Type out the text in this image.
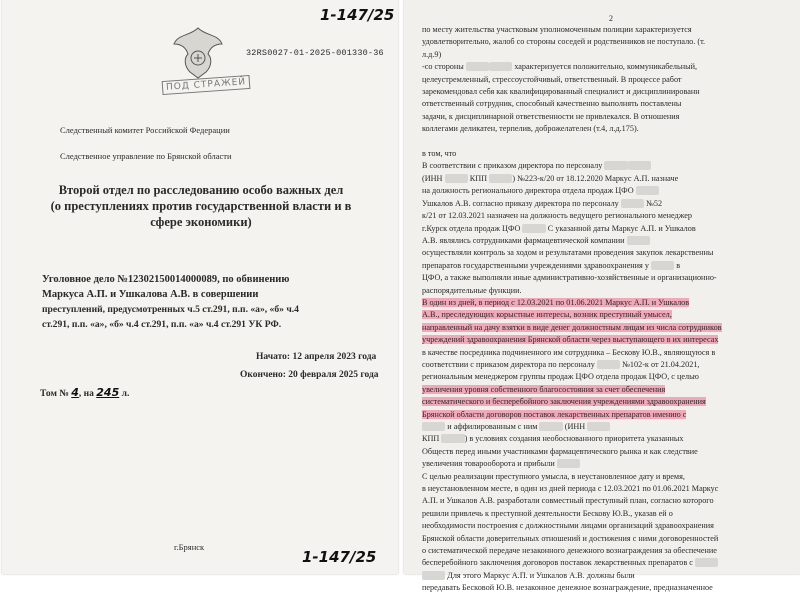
1-147/25
32RS0027-01-2025-001330-36
ПОД СТРАЖЕЙ
Следственный комитет Российской Федерации
Следственное управление по Брянской области
Второй отдел по расследованию особо важных дел
(о преступлениях против государственной власти и в
сфере экономики)
Уголовное дело №12302150014000089, по обвинению
Маркуса А.П. и Ушкалова А.В. в совершении
преступлений, предусмотренных ч.5 ст.291, п.п. «а», «б» ч.4
ст.291, п.п. «а», «б» ч.4 ст.291, п.п. «а» ч.4 ст.291 УК РФ.
Начато: 12 апреля 2023 года
Окончено: 20 февраля 2025 года
Том № 4, на 245 л.
г.Брянск
1-147/25
2
по месту жительства участковым уполномоченным полиции характеризуется
удовлетворительно, жалоб со стороны соседей и родственников не поступало. (т.
л.д.9)
-со стороны	характеризуется положительно, коммуникабельный,
целеустремленный, стрессоустойчивый, ответственный. В процессе работ
зарекомендовал себя как квалифицированный специалист и дисциплинированн
ответственный сотрудник, способный качественно выполнять поставлены
задачи, к дисциплинарной ответственности не привлекался. В отношения
коллегами деликатен, терпелив, доброжелателен (т.4, л.д.175).

в том, что
В соответствии с приказом директора по персоналу
(ИНН	КПП	) №223-к/20 от 18.12.2020 Маркус А.П. назначе
на должность регионального директора отдела продаж ЦФО
Ушкалов А.В. согласно приказу директора по персоналу	№52
к/21 от 12.03.2021 назначен на должность ведущего регионального менеджер
г.Курск отдела продаж ЦФО	С указанной даты Маркус А.П. и Ушкалов
А.В. являлись сотрудниками фармацевтической компании
осуществляли контроль за ходом и результатами проведения закупок лекарственны
препаратов государственными учреждениями здравоохранения у	в
ЦФО, а также выполняли иные административно-хозяйственные и организационно-
распорядительные функции.
В один из дней, в период с 12.03.2021 по 01.06.2021 Маркус А.П. и Ушкалов
А.В., преследующих корыстные интересы, возник преступный умысел,
направленный на дачу взятки в виде денег должностным лицам из числа сотрудников
учреждений здравоохранения Брянской области через выступающего в их интересах
в качестве посредника подчиненного им сотрудника – Бескову Ю.В., являющуюся в
соответствии с приказом директора по персоналу	№102-к от 21.04.2021,
региональным менеджером группы продаж ЦФО отдела продаж ЦФО, с целью
увеличения уровня собственного благосостояния за счет обеспечения
систематического и бесперебойного заключения учреждениями здравоохранения
Брянской области договоров поставок лекарственных препаратов имению с
и аффилированным с ним	(ИНН
КПП	) в условиях создания необоснованного приоритета указанных
Обществ перед иными участниками фармацевтического рынка и как следствие
увеличения товарооборота и прибыли
С целью реализации преступного умысла, в неустановленное дату и время,
в неустановленном месте, в один из дней периода с 12.03.2021 по 01.06.2021 Маркус
А.П. и Ушкалов А.В. разработали совместный преступный план, согласно которого
решили привлечь к преступной деятельности Бескову Ю.В., указав ей о
необходимости построения с должностными лицами организаций здравоохранения
Брянской области доверительных отношений и достижения с ними договоренностей
о систематической передаче незаконного денежного вознаграждения за обеспечение
бесперебойного заключения договоров поставок лекарственных препаратов с
Для этого Маркус А.П. и Ушкалов А.В. должны были
передавать Бесковой Ю.В. незаконное денежное вознаграждение, предназначенное
